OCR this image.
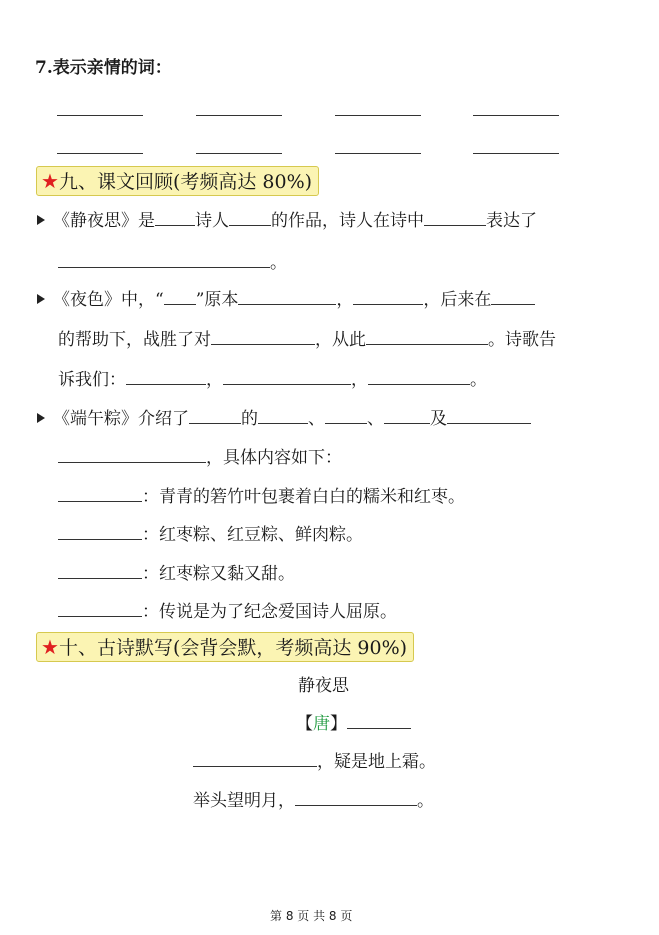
7.表示亲情的词：
★九、课文回顾(考频高达 80%)
《静夜思》是 诗人 的作品，诗人在诗中	表达了
。
《夜色》中，“ ”原本	，	，后来在
的帮助下，战胜了对	，从此	。诗歌告
诉我们：	，	，	。
《端午粽》介绍了	的	、 、	及
，具体内容如下：
：青青的箬竹叶包裹着白白的糯米和红枣。
：红枣粽、红豆粽、鲜肉粽。
：红枣粽又黏又甜。
：传说是为了纪念爱国诗人屈原。
★十、古诗默写(会背会默，考频高达 90%)
静夜思
【唐】
，疑是地上霜。
举头望明月，	。
第 8 页 共 8 页
